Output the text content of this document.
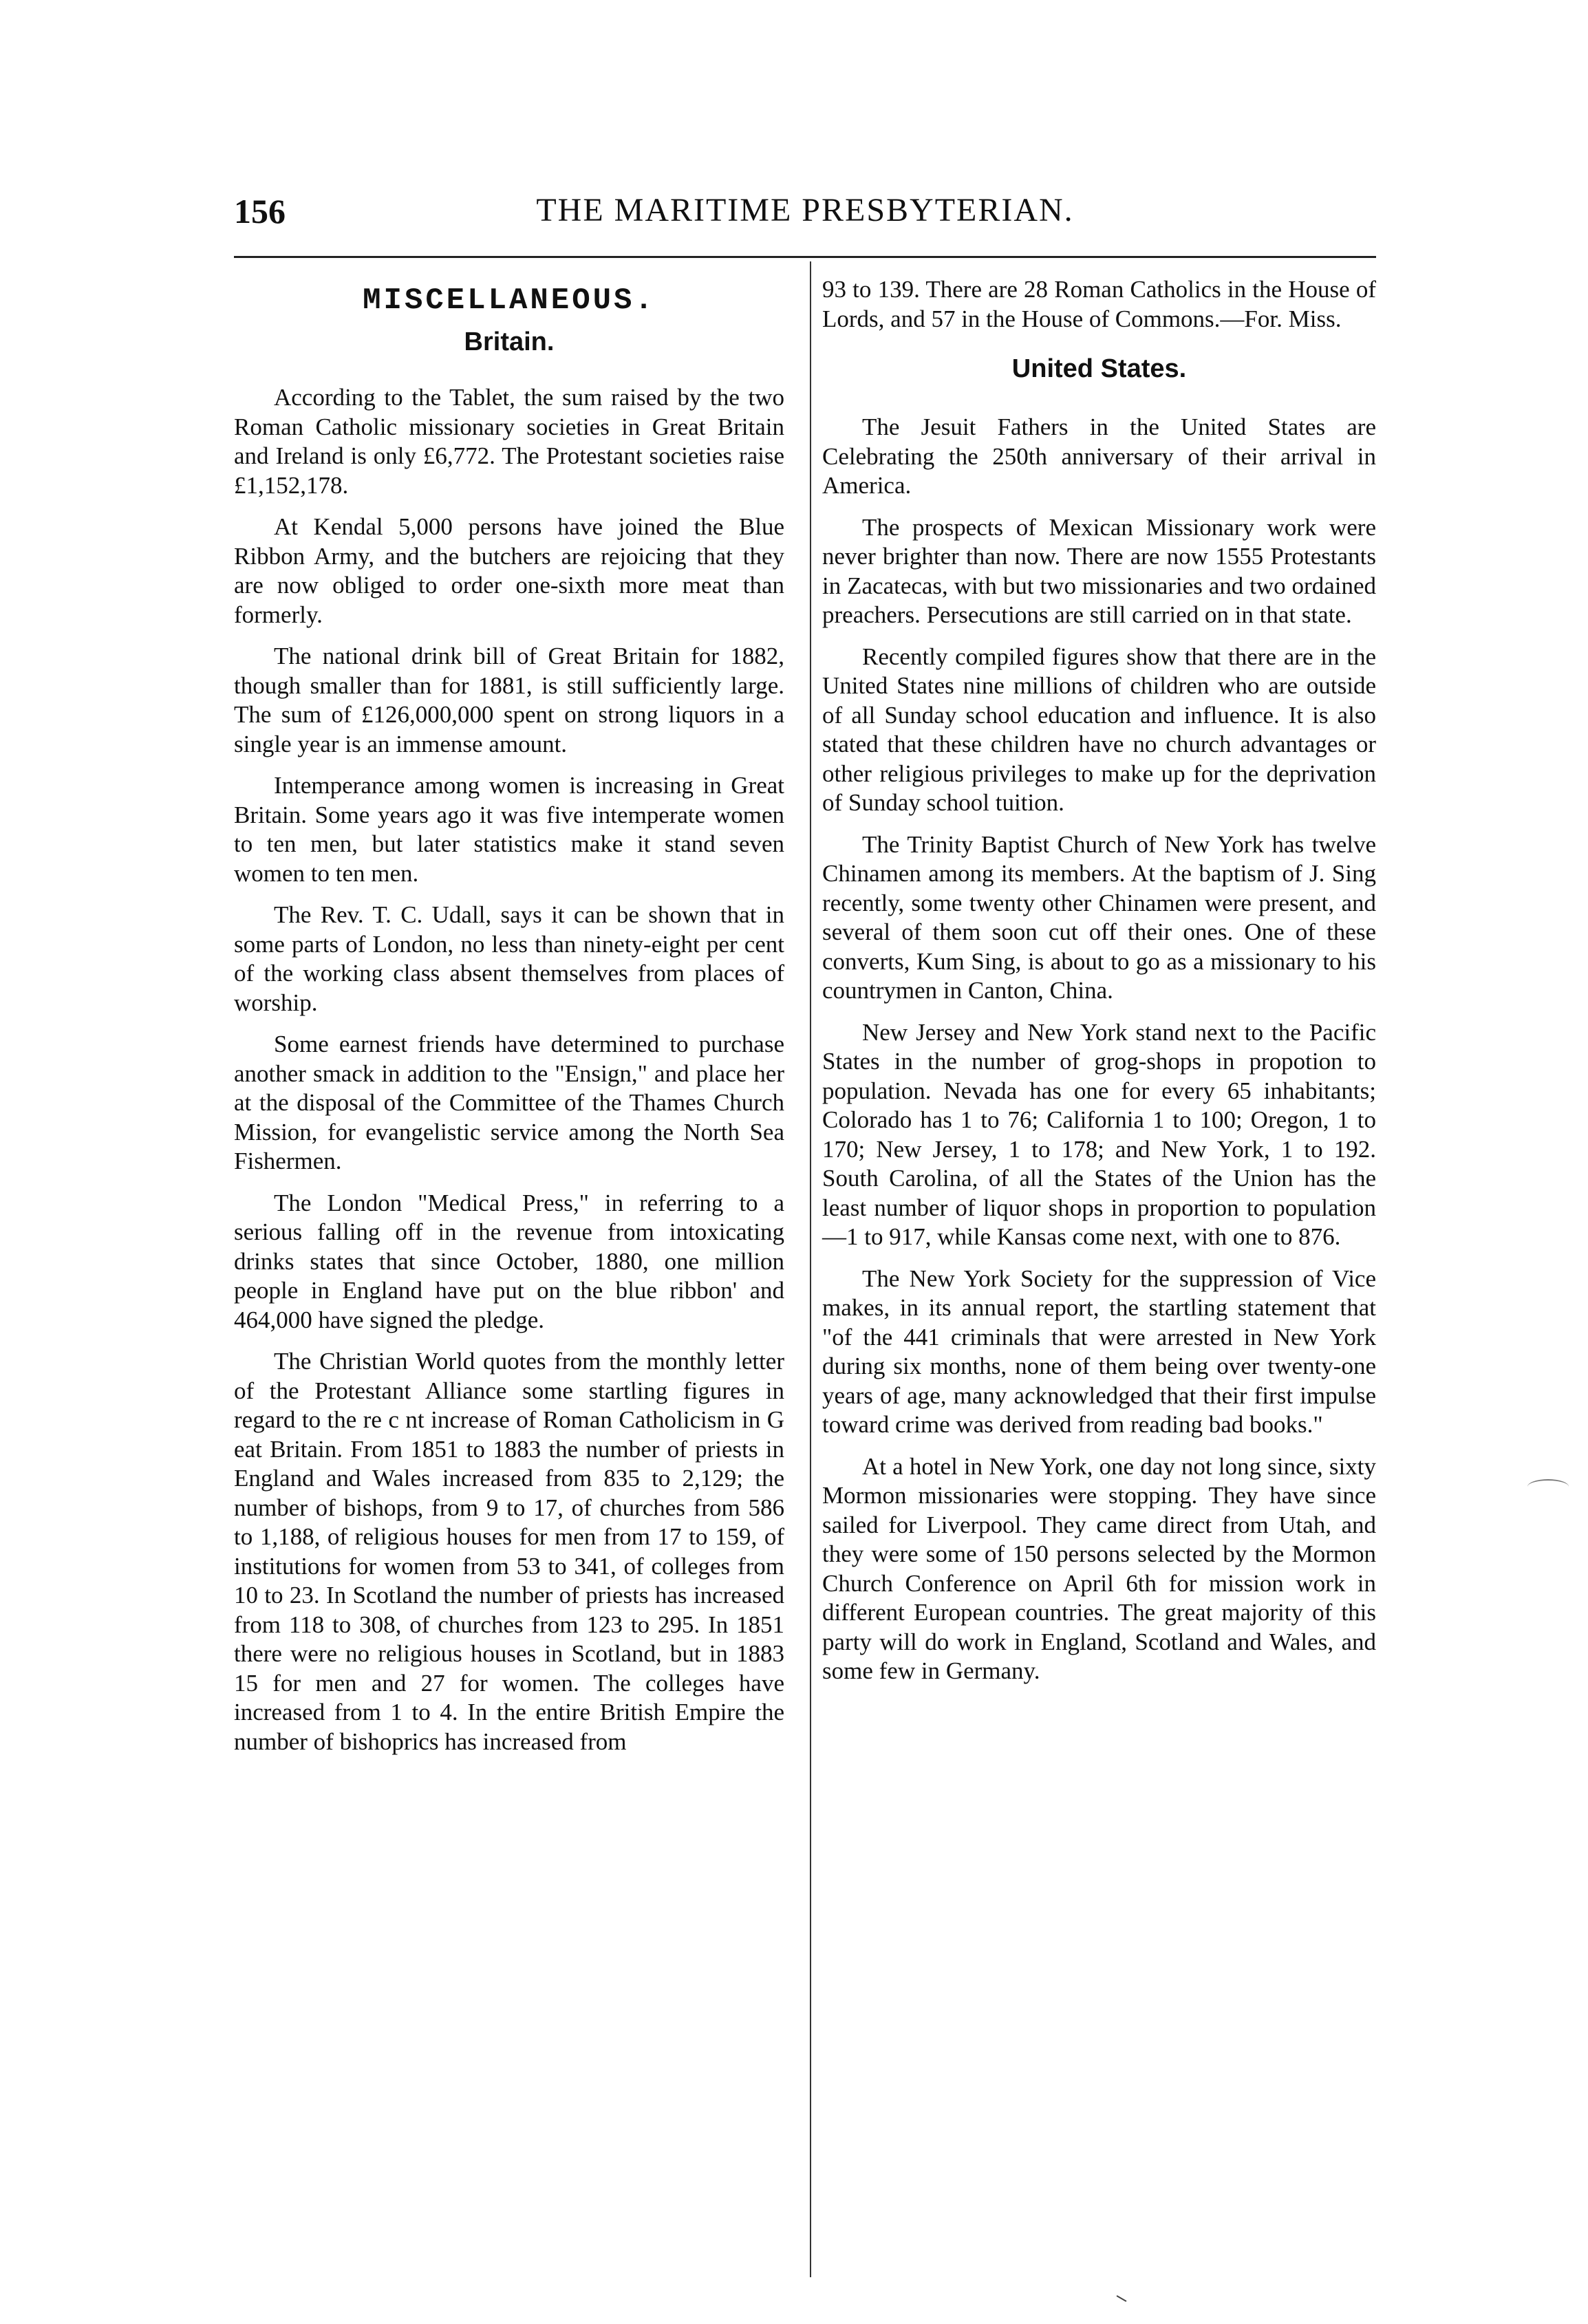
156	THE MARITIME PRESBYTERIAN.
MISCELLANEOUS.
Britain.

According to the Tablet, the sum raised by the two Roman Catholic missionary societies in Great Britain and Ireland is only £6,772. The Protestant societies raise £1,152,178.

At Kendal 5,000 persons have joined the Blue Ribbon Army, and the butchers are rejoicing that they are now obliged to order one-sixth more meat than formerly.

The national drink bill of Great Britain for 1882, though smaller than for 1881, is still sufficiently large. The sum of £126,000,000 spent on strong liquors in a single year is an immense amount.

Intemperance among women is increasing in Great Britain. Some years ago it was five intemperate women to ten men, but later statistics make it stand seven women to ten men.

The Rev. T. C. Udall, says it can be shown that in some parts of London, no less than ninety-eight per cent of the working class absent themselves from places of worship.

Some earnest friends have determined to purchase another smack in addition to the "Ensign," and place her at the disposal of the Committee of the Thames Church Mission, for evangelistic service among the North Sea Fishermen.

The London "Medical Press," in referring to a serious falling off in the revenue from intoxicating drinks states that since October, 1880, one million people in England have put on the blue ribbon' and 464,000 have signed the pledge.

The Christian World quotes from the monthly letter of the Protestant Alliance some startling figures in regard to the re c nt increase of Roman Catholicism in G eat Britain. From 1851 to 1883 the number of priests in England and Wales increased from 835 to 2,129; the number of bishops, from 9 to 17, of churches from 586 to 1,188, of religious houses for men from 17 to 159, of institutions for women from 53 to 341, of colleges from 10 to 23. In Scotland the number of priests has increased from 118 to 308, of churches from 123 to 295. In 1851 there were no religious houses in Scotland, but in 1883 15 for men and 27 for women. The colleges have increased from 1 to 4. In the entire British Empire the number of bishoprics has increased from

93 to 139. There are 28 Roman Catholics in the House of Lords, and 57 in the House of Commons.—For. Miss.

United States.

The Jesuit Fathers in the United States are Celebrating the 250th anniversary of their arrival in America.

The prospects of Mexican Missionary work were never brighter than now. There are now 1555 Protestants in Zacatecas, with but two missionaries and two ordained preachers. Persecutions are still carried on in that state.

Recently compiled figures show that there are in the United States nine millions of children who are outside of all Sunday school education and influence. It is also stated that these children have no church advantages or other religious privileges to make up for the deprivation of Sunday school tuition.

The Trinity Baptist Church of New York has twelve Chinamen among its members. At the baptism of J. Sing recently, some twenty other Chinamen were present, and several of them soon cut off their ones. One of these converts, Kum Sing, is about to go as a missionary to his countrymen in Canton, China.

New Jersey and New York stand next to the Pacific States in the number of grog-shops in propotion to population. Nevada has one for every 65 inhabitants; Colorado has 1 to 76; California 1 to 100; Oregon, 1 to 170; New Jersey, 1 to 178; and New York, 1 to 192. South Carolina, of all the States of the Union has the least number of liquor shops in proportion to population—1 to 917, while Kansas come next, with one to 876.

The New York Society for the suppression of Vice makes, in its annual report, the startling statement that "of the 441 criminals that were arrested in New York during six months, none of them being over twenty-one years of age, many acknowledged that their first impulse toward crime was derived from reading bad books."

At a hotel in New York, one day not long since, sixty Mormon missionaries were stopping. They have since sailed for Liverpool. They came direct from Utah, and they were some of 150 persons selected by the Mormon Church Conference on April 6th for mission work in different European countries. The great majority of this party will do work in England, Scotland and Wales, and some few in Germany.
